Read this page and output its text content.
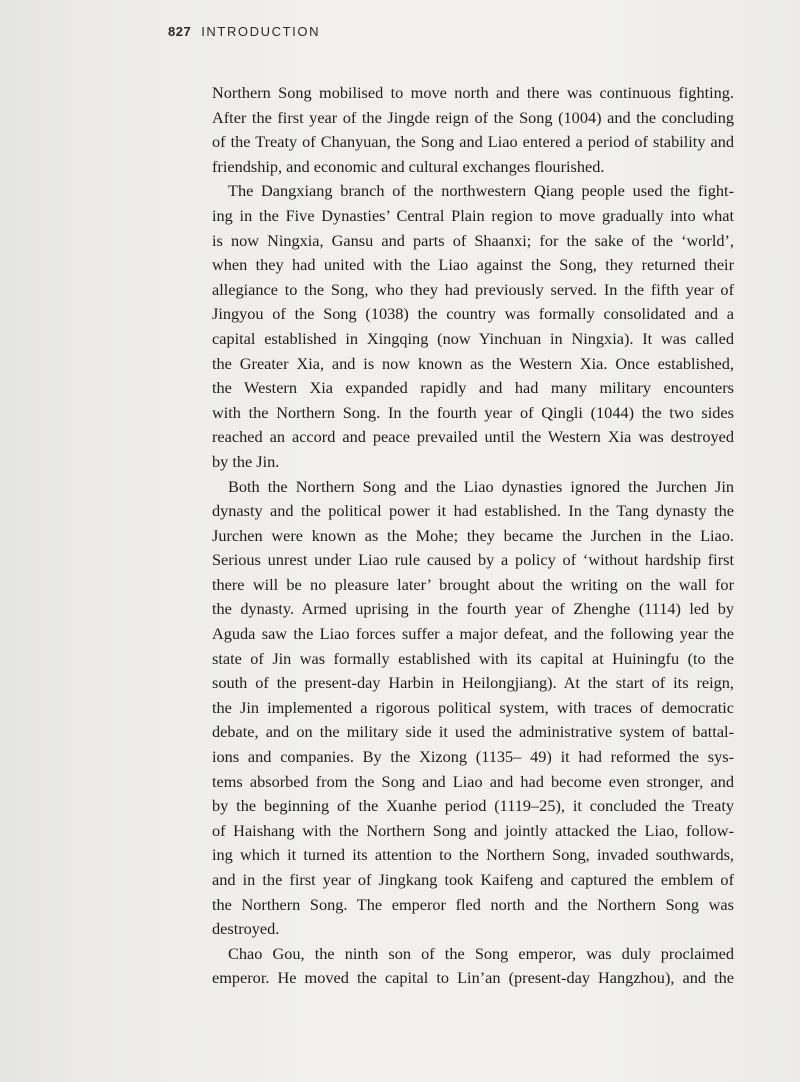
827 INTRODUCTION

Northern Song mobilised to move north and there was continuous fighting.
After the first year of the Jingde reign of the Song (1004) and the concluding
of the Treaty of Chanyuan, the Song and Liao entered a period of stability and
friendship, and economic and cultural exchanges flourished.

The Dangxiang branch of the northwestern Qiang people used the fight-
ing in the Five Dynasties’ Central Plain region to move gradually into what
is now Ningxia, Gansu and parts of Shaanxi; for the sake of the ‘world’,
when they had united with the Liao against the Song, they returned their
allegiance to the Song, who they had previously served. In the fifth year of
Jingyou of the Song (1038) the country was formally consolidated and a
capital established in Xingqing (now Yinchuan in Ningxia). It was called
the Greater Xia, and is now known as the Western Xia. Once established,
the Western Xia expanded rapidly and had many military encounters
with the Northern Song. In the fourth year of Qingli (1044) the two sides
reached an accord and peace prevailed until the Western Xia was destroyed
by the Jin.

Both the Northern Song and the Liao dynasties ignored the Jurchen Jin
dynasty and the political power it had established. In the Tang dynasty the
Jurchen were known as the Mohe; they became the Jurchen in the Liao.
Serious unrest under Liao rule caused by a policy of ‘without hardship first
there will be no pleasure later’ brought about the writing on the wall for
the dynasty. Armed uprising in the fourth year of Zhenghe (1114) led by
Aguda saw the Liao forces suffer a major defeat, and the following year the
state of Jin was formally established with its capital at Huiningfu (to the
south of the present-day Harbin in Heilongjiang). At the start of its reign,
the Jin implemented a rigorous political system, with traces of democratic
debate, and on the military side it used the administrative system of battal-
ions and companies. By the Xizong (1135– 49) it had reformed the sys-
tems absorbed from the Song and Liao and had become even stronger, and
by the beginning of the Xuanhe period (1119–25), it concluded the Treaty
of Haishang with the Northern Song and jointly attacked the Liao, follow-
ing which it turned its attention to the Northern Song, invaded southwards,
and in the first year of Jingkang took Kaifeng and captured the emblem of
the Northern Song. The emperor fled north and the Northern Song was
destroyed.

Chao Gou, the ninth son of the Song emperor, was duly proclaimed
emperor. He moved the capital to Lin’an (present-day Hangzhou), and the
